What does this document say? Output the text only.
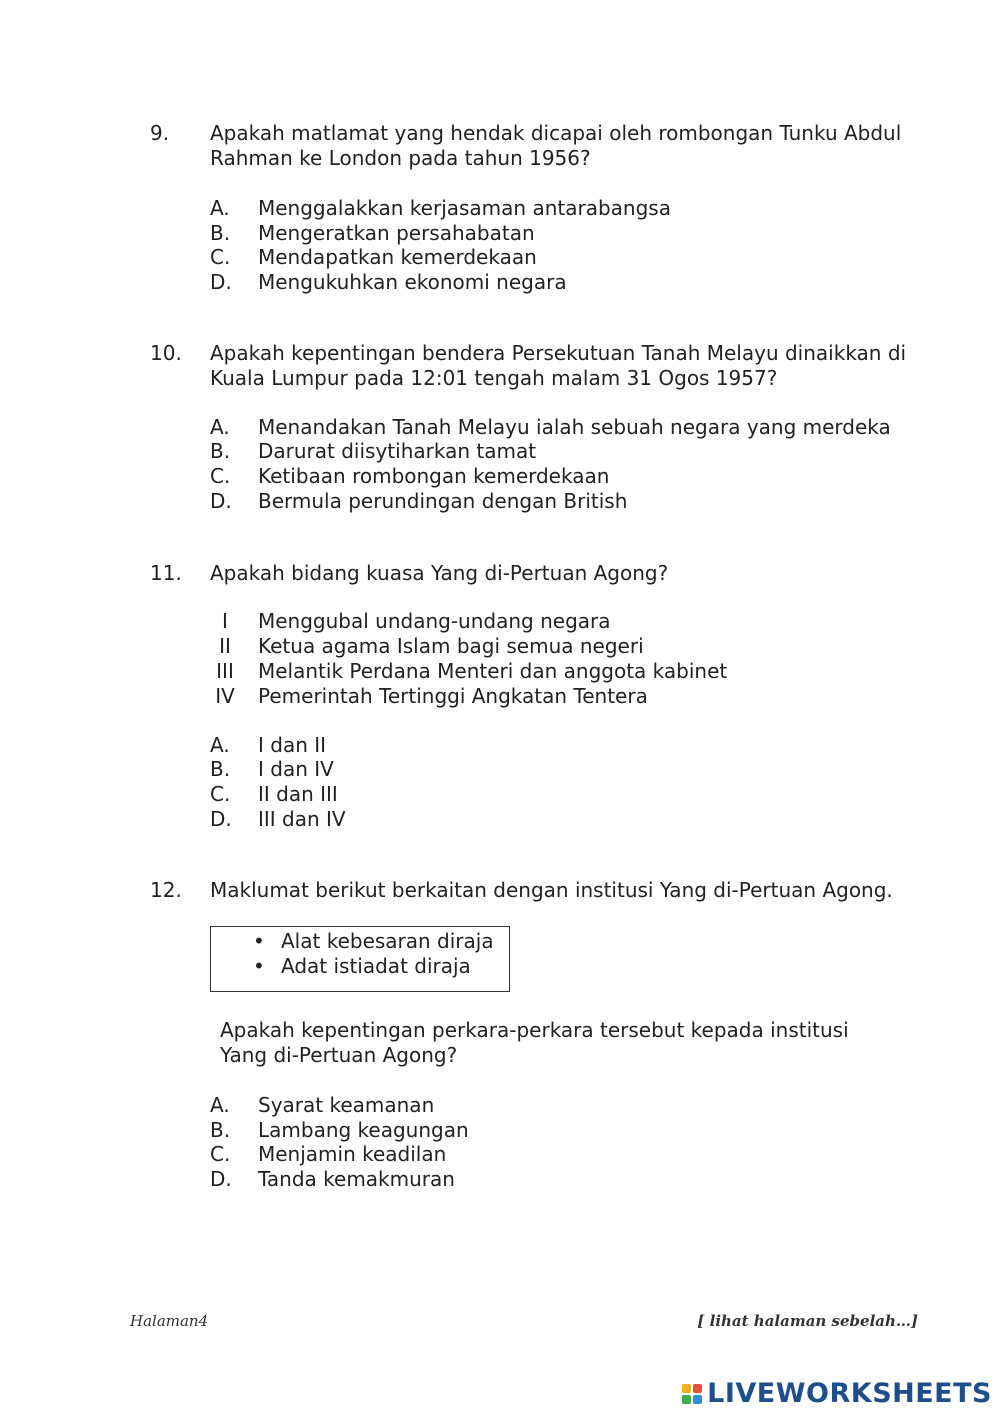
9. Apakah matlamat yang hendak dicapai oleh rombongan Tunku Abdul Rahman ke London pada tahun 1956?
A. Menggalakkan kerjasaman antarabangsa
B. Mengeratkan persahabatan
C. Mendapatkan kemerdekaan
D. Mengukuhkan ekonomi negara
10. Apakah kepentingan bendera Persekutuan Tanah Melayu dinaikkan di Kuala Lumpur pada 12:01 tengah malam 31 Ogos 1957?
A. Menandakan Tanah Melayu ialah sebuah negara yang merdeka
B. Darurat diisytiharkan tamat
C. Ketibaan rombongan kemerdekaan
D. Bermula perundingan dengan British
11. Apakah bidang kuasa Yang di-Pertuan Agong?
I Menggubal undang-undang negara
II Ketua agama Islam bagi semua negeri
III Melantik Perdana Menteri dan anggota kabinet
IV Pemerintah Tertinggi Angkatan Tentera
A. I dan II
B. I dan IV
C. II dan III
D. III dan IV
12. Maklumat berikut berkaitan dengan institusi Yang di-Pertuan Agong.
• Alat kebesaran diraja
• Adat istiadat diraja
Apakah kepentingan perkara-perkara tersebut kepada institusi
Yang di-Pertuan Agong?
A. Syarat keamanan
B. Lambang keagungan
C. Menjamin keadilan
D. Tanda kemakmuran
Halaman4	[ lihat halaman sebelah…]
LIVEWORKSHEETS
